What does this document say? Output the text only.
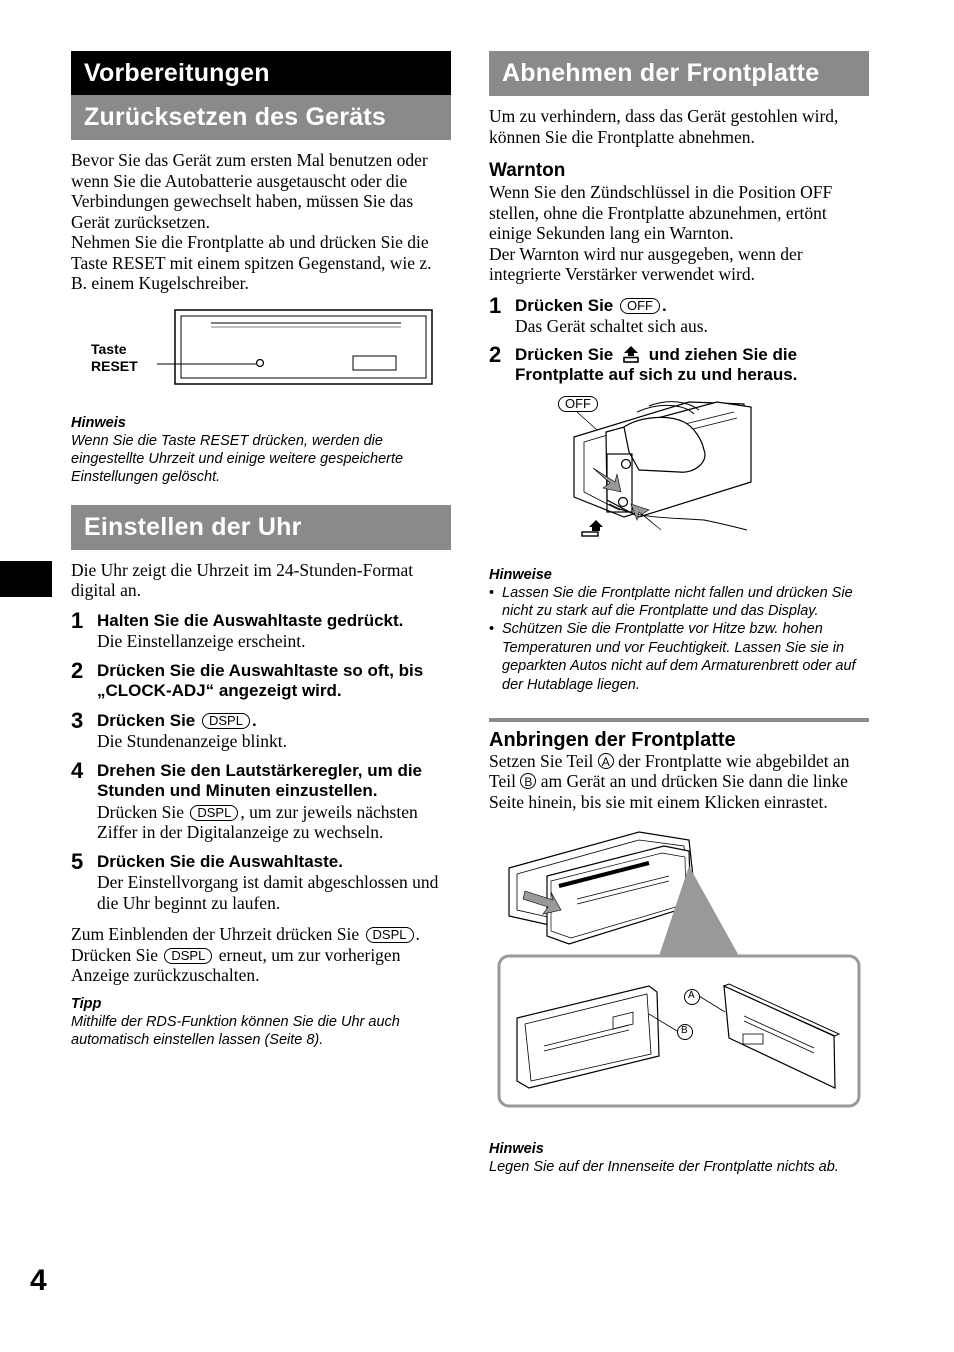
Vorbereitungen
Zurücksetzen des Geräts

Bevor Sie das Gerät zum ersten Mal benutzen oder wenn Sie die Autobatterie ausgetauscht oder die Verbindungen gewechselt haben, müssen Sie das Gerät zurücksetzen.

Nehmen Sie die Frontplatte ab und drücken Sie die Taste RESET mit einem spitzen Gegenstand, wie z. B. einem Kugelschreiber.

Taste
RESET

Hinweis

Wenn Sie die Taste RESET drücken, werden die eingestellte Uhrzeit und einige weitere gespeicherte Einstellungen gelöscht.

Einstellen der Uhr

Die Uhr zeigt die Uhrzeit im 24-Stunden-Format digital an.

1 Halten Sie die Auswahltaste gedrückt.
Die Einstellanzeige erscheint.
2 Drücken Sie die Auswahltaste so oft, bis „CLOCK-ADJ“ angezeigt wird.
3 Drücken Sie DSPL .
Die Stundenanzeige blinkt.
4 Drehen Sie den Lautstärkeregler, um die Stunden und Minuten einzustellen.
Drücken Sie DSPL , um zur jeweils nächsten Ziffer in der Digitalanzeige zu wechseln.
5 Drücken Sie die Auswahltaste.
Der Einstellvorgang ist damit abgeschlossen und die Uhr beginnt zu laufen.

Zum Einblenden der Uhrzeit drücken Sie DSPL . Drücken Sie DSPL erneut, um zur vorherigen Anzeige zurückzuschalten.

Tipp

Mithilfe der RDS-Funktion können Sie die Uhr auch automatisch einstellen lassen (Seite 8).

Abnehmen der Frontplatte

Um zu verhindern, dass das Gerät gestohlen wird, können Sie die Frontplatte abnehmen.

Warnton

Wenn Sie den Zündschlüssel in die Position OFF stellen, ohne die Frontplatte abzunehmen, ertönt einige Sekunden lang ein Warnton.

Der Warnton wird nur ausgegeben, wenn der integrierte Verstärker verwendet wird.

1 Drücken Sie OFF .
Das Gerät schaltet sich aus.
2 Drücken Sie und ziehen Sie die Frontplatte auf sich zu und heraus.
OFF

Hinweise

• Lassen Sie die Frontplatte nicht fallen und drücken Sie nicht zu stark auf die Frontplatte und das Display.
• Schützen Sie die Frontplatte vor Hitze bzw. hohen Temperaturen und vor Feuchtigkeit. Lassen Sie sie in geparkten Autos nicht auf dem Armaturenbrett oder auf der Hutablage liegen.

Anbringen der Frontplatte

Setzen Sie Teil A der Frontplatte wie abgebildet an Teil B am Gerät an und drücken Sie dann die linke Seite hinein, bis sie mit einem Klicken einrastet.

A
B

Hinweis

Legen Sie auf der Innenseite der Frontplatte nichts ab.

4
